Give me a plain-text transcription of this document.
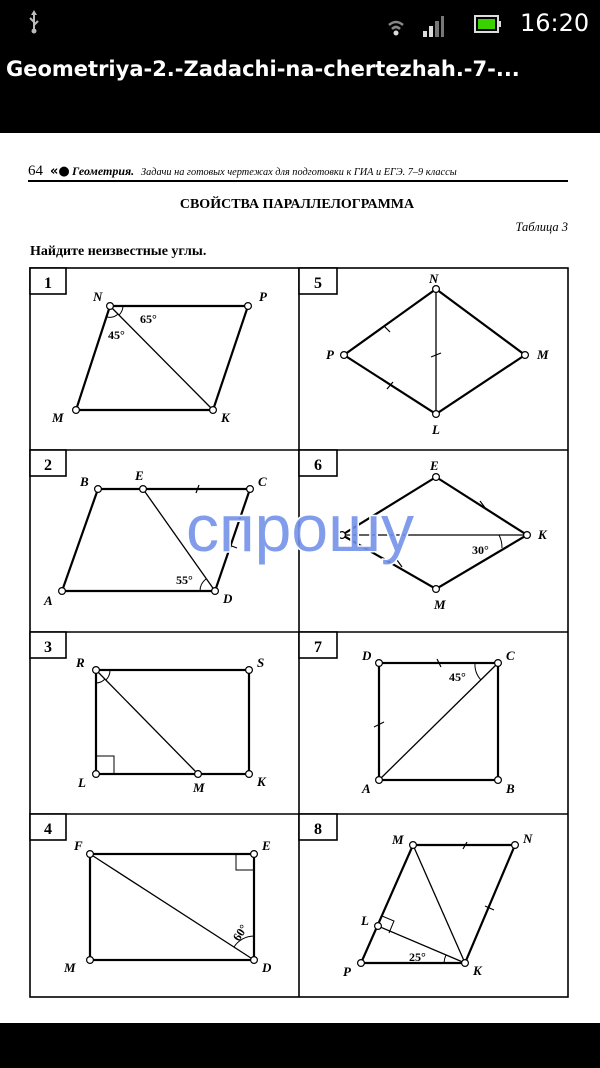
16:20
Geometriya-2.-Zadachi-na-chertezhah.-7-...
64 «● Геометрия. Задачи на готовых чертежах для подготовки к ГИА и ЕГЭ. 7–9 классы
СВОЙСТВА ПАРАЛЛЕЛОГРАММА
Таблица 3
Найдите неизвестные углы.
1
2
3
4
5
6
7
8
N	P
M	K
65°
45°
B	E	C
A	D
55°
R	S
L	M	K
F	E
M	D
60°
N
P	M
L
E
K
M
30°
D	C
A	B
45°
M	N
L
P	K
25°
спрошу
